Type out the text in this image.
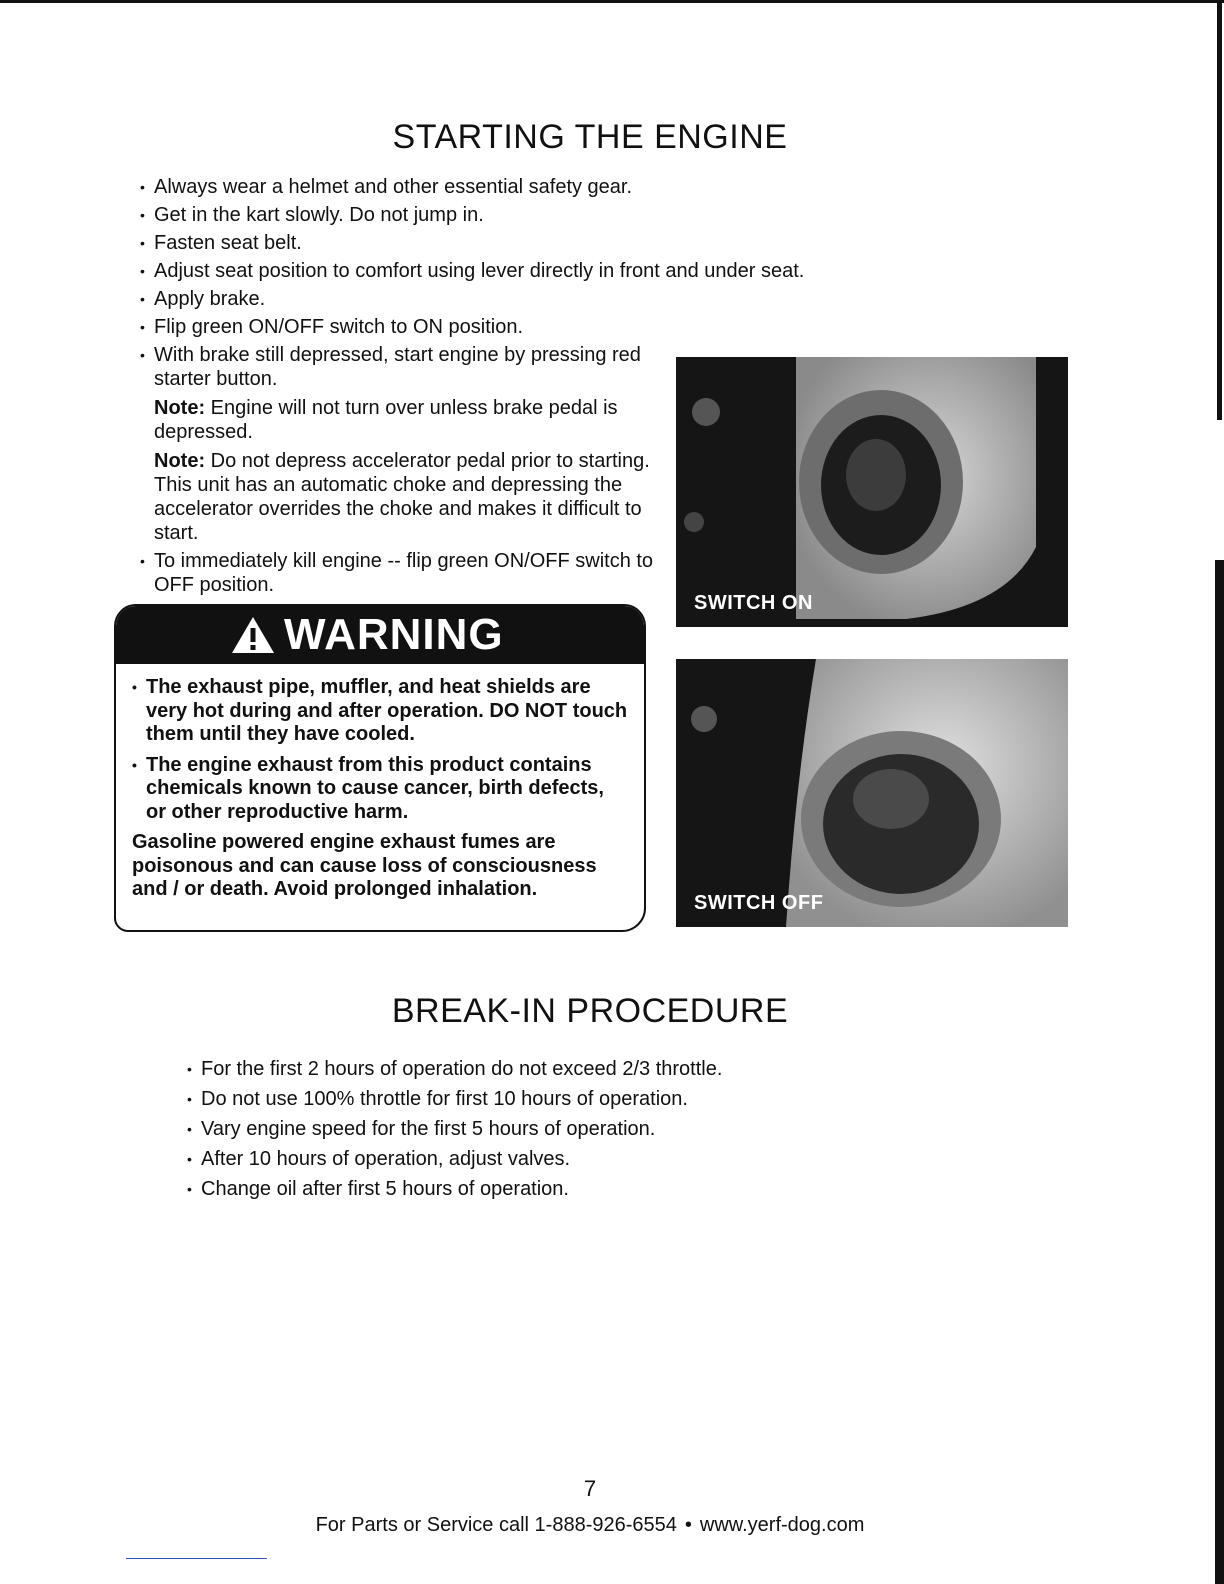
STARTING THE ENGINE
• Always wear a helmet and other essential safety gear.
• Get in the kart slowly. Do not jump in.
• Fasten seat belt.
• Adjust seat position to comfort using lever directly in front and under seat.
• Apply brake.
• Flip green ON/OFF switch to ON position.
• With brake still depressed, start engine by pressing red starter button.

Note: Engine will not turn over unless brake pedal is depressed.

Note: Do not depress accelerator pedal prior to starting. This unit has an automatic choke and depressing the accelerator overrides the choke and makes it difficult to start.

• To immediately kill engine -- flip green ON/OFF switch to OFF position.
WARNING
• The exhaust pipe, muffler, and heat shields are very hot during and after operation. DO NOT touch them until they have cooled.
• The engine exhaust from this product contains chemicals known to cause cancer, birth defects, or other reproductive harm.

Gasoline powered engine exhaust fumes are poisonous and can cause loss of consciousness and / or death. Avoid prolonged inhalation.

SWITCH ON
SWITCH OFF
BREAK-IN PROCEDURE
• For the first 2 hours of operation do not exceed 2/3 throttle.
• Do not use 100% throttle for first 10 hours of operation.
• Vary engine speed for the first 5 hours of operation.
• After 10 hours of operation, adjust valves.
• Change oil after first 5 hours of operation.
7
For Parts or Service call 1-888-926-6554 • www.yerf-dog.com
